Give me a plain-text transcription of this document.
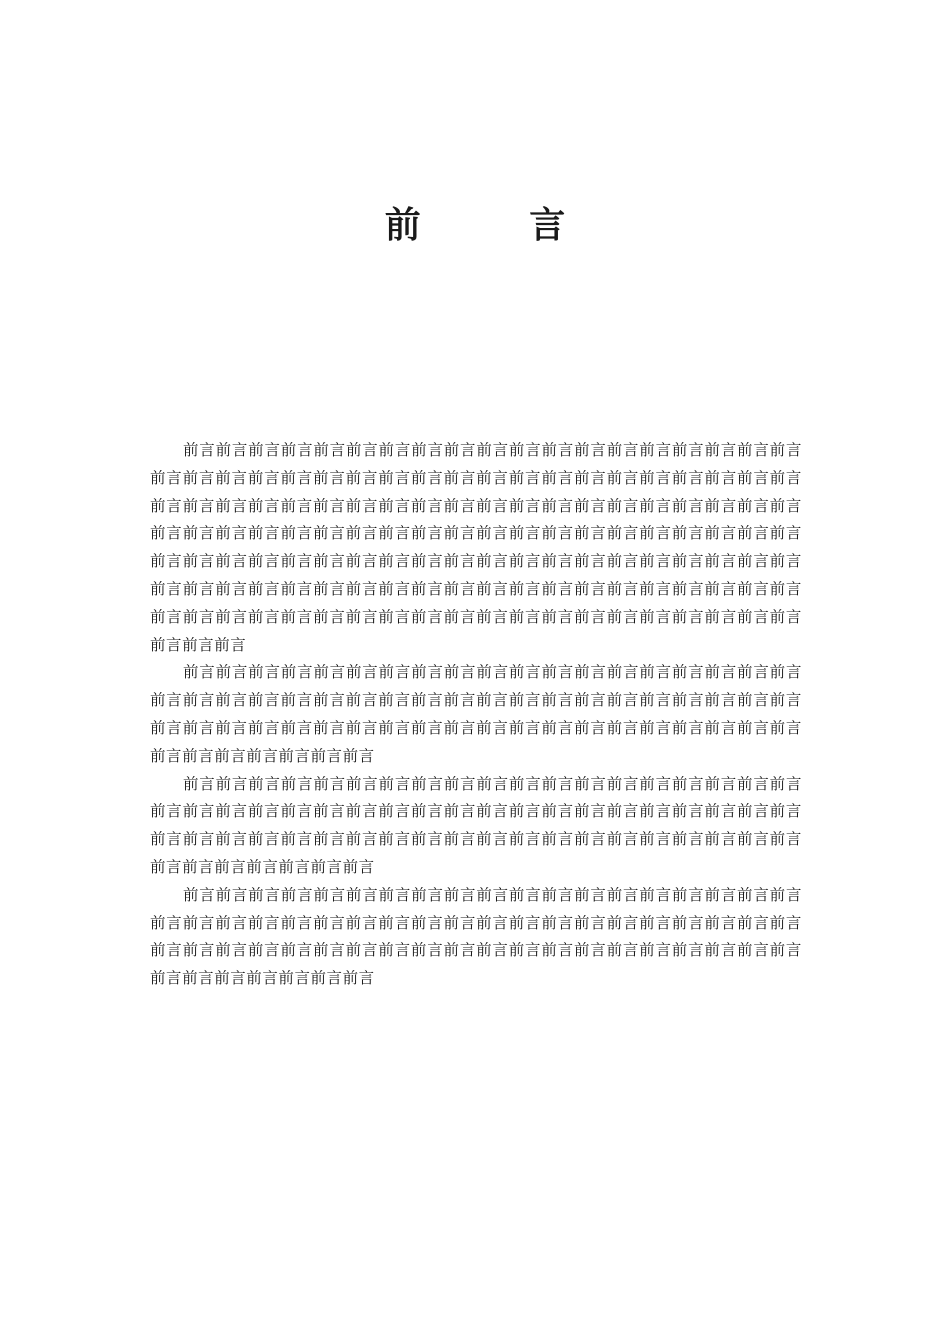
前 言

前言前言前言前言前言前言前言前言前言前言前言前言前言前言前言前言前言前言前言前言前言前言前言前言前言前言前言前言前言前言前言前言前言前言前言前言前言前言前言前言前言前言前言前言前言前言前言前言前言前言前言前言前言前言前言前言前言前言前言前言前言前言前言前言前言前言前言前言前言前言前言前言前言前言前言前言前言前言前言前言前言前言前言前言前言前言前言前言前言前言前言前言前言前言前言前言前言前言前言前言前言前言前言前言前言前言前言前言前言前言前言前言前言前言前言前言前言前言前言前言前言前言前言前言前言前言前言前言前言前言前言前言前言前言前言前言前言前言前言前言前言前言

前言前言前言前言前言前言前言前言前言前言前言前言前言前言前言前言前言前言前言前言前言前言前言前言前言前言前言前言前言前言前言前言前言前言前言前言前言前言前言前言前言前言前言前言前言前言前言前言前言前言前言前言前言前言前言前言前言前言前言前言前言前言前言前言前言前言

前言前言前言前言前言前言前言前言前言前言前言前言前言前言前言前言前言前言前言前言前言前言前言前言前言前言前言前言前言前言前言前言前言前言前言前言前言前言前言前言前言前言前言前言前言前言前言前言前言前言前言前言前言前言前言前言前言前言前言前言前言前言前言前言前言前言

前言前言前言前言前言前言前言前言前言前言前言前言前言前言前言前言前言前言前言前言前言前言前言前言前言前言前言前言前言前言前言前言前言前言前言前言前言前言前言前言前言前言前言前言前言前言前言前言前言前言前言前言前言前言前言前言前言前言前言前言前言前言前言前言前言前言
